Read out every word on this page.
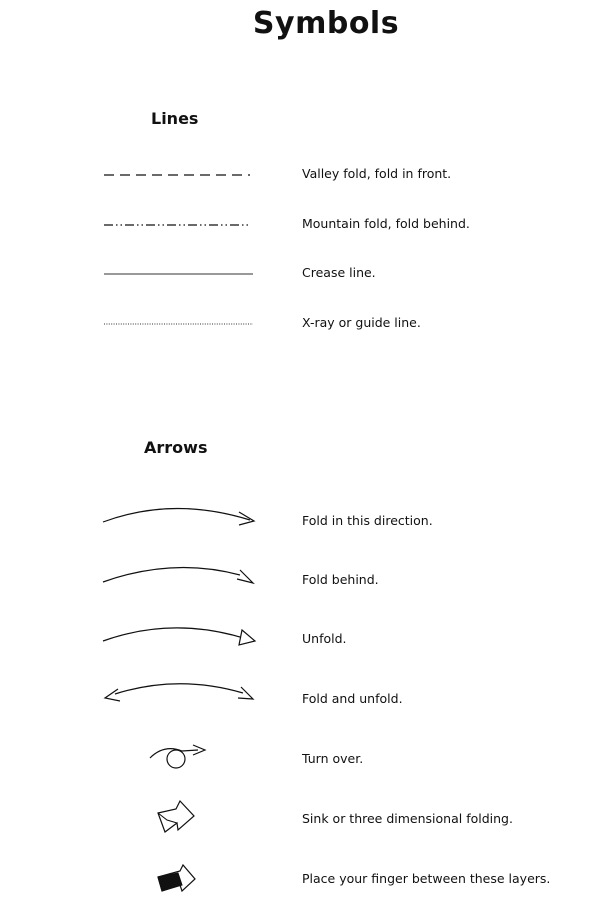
Symbols
Lines
Valley fold, fold in front.
Mountain fold, fold behind.
Crease line.
X-ray or guide line.
Arrows
Fold in this direction.
Fold behind.
Unfold.
Fold and unfold.
Turn over.
Sink or three dimensional folding.
Place your finger between these layers.
